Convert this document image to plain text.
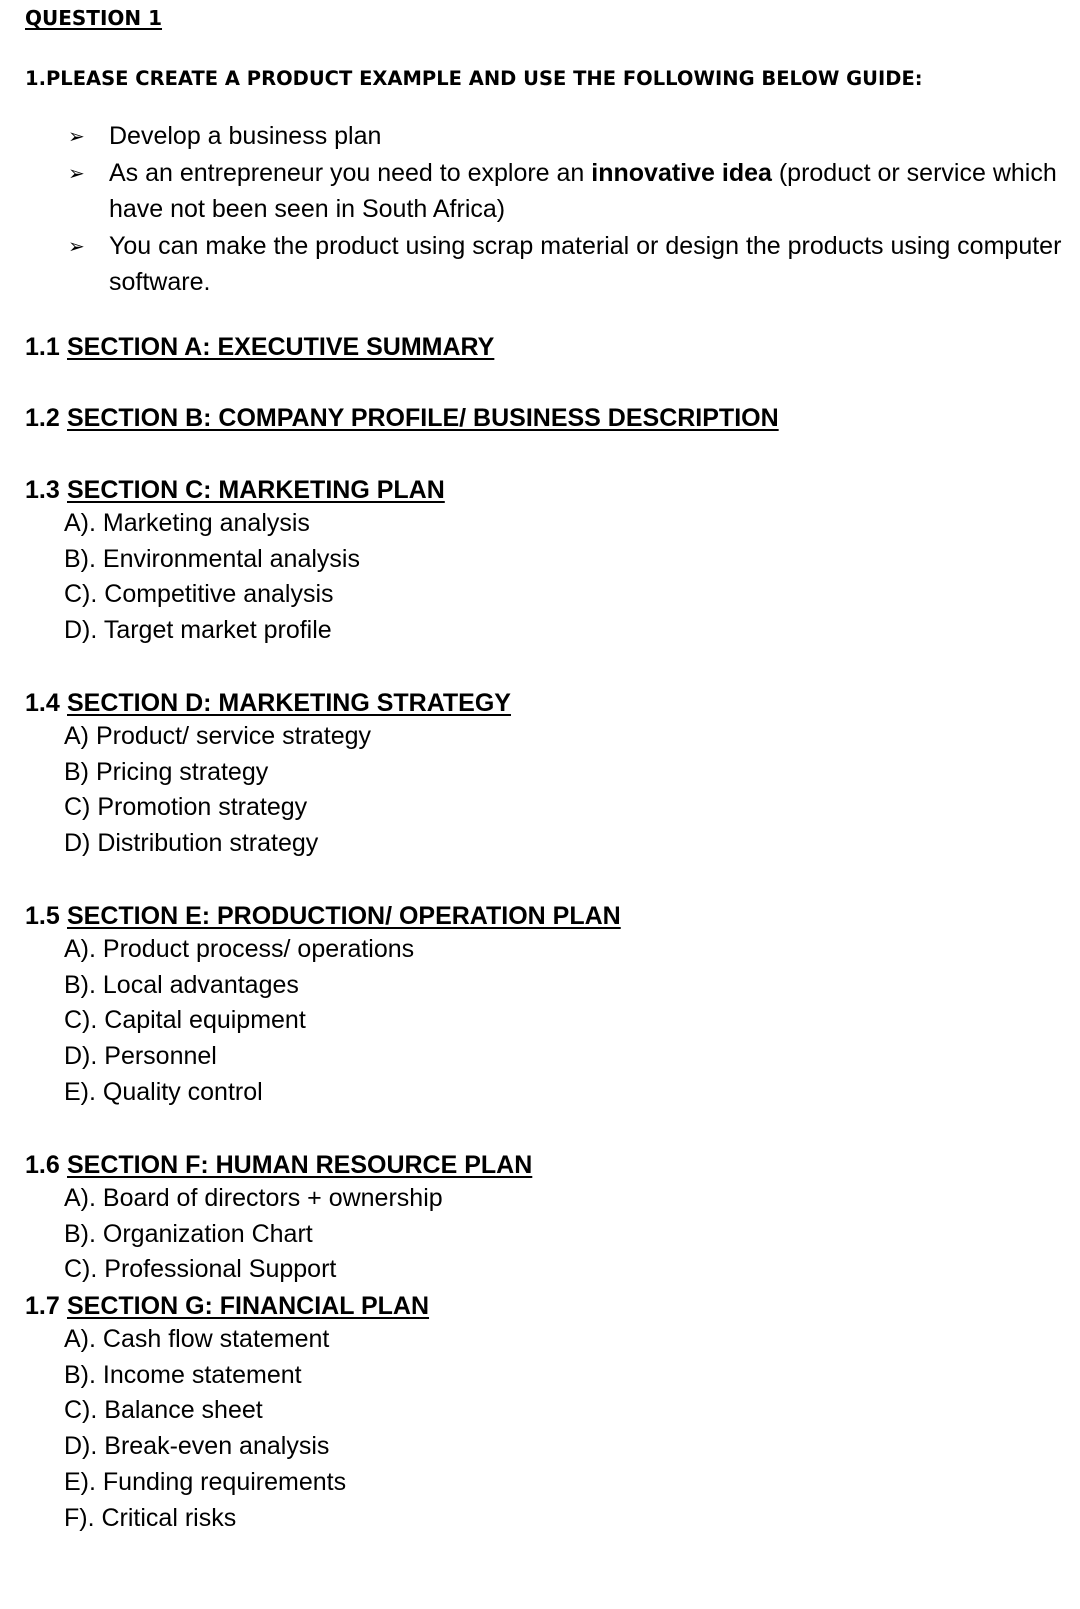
QUESTION 1
1.PLEASE CREATE A PRODUCT EXAMPLE AND USE THE FOLLOWING BELOW GUIDE:
➢ Develop a business plan
➢ As an entrepreneur you need to explore an innovative idea (product or service which have not been seen in South Africa)
➢ You can make the product using scrap material or design the products using computer software.
1.1 SECTION A: EXECUTIVE SUMMARY
1.2 SECTION B: COMPANY PROFILE/ BUSINESS DESCRIPTION
1.3 SECTION C: MARKETING PLAN
A). Marketing analysis
B). Environmental analysis
C). Competitive analysis
D). Target market profile
1.4 SECTION D: MARKETING STRATEGY
A) Product/ service strategy
B) Pricing strategy
C) Promotion strategy
D) Distribution strategy
1.5 SECTION E: PRODUCTION/ OPERATION PLAN
A). Product process/ operations
B). Local advantages
C). Capital equipment
D). Personnel
E). Quality control
1.6 SECTION F: HUMAN RESOURCE PLAN
A). Board of directors + ownership
B). Organization Chart
C). Professional Support
1.7 SECTION G: FINANCIAL PLAN
A). Cash flow statement
B). Income statement
C). Balance sheet
D). Break-even analysis
E). Funding requirements
F). Critical risks
